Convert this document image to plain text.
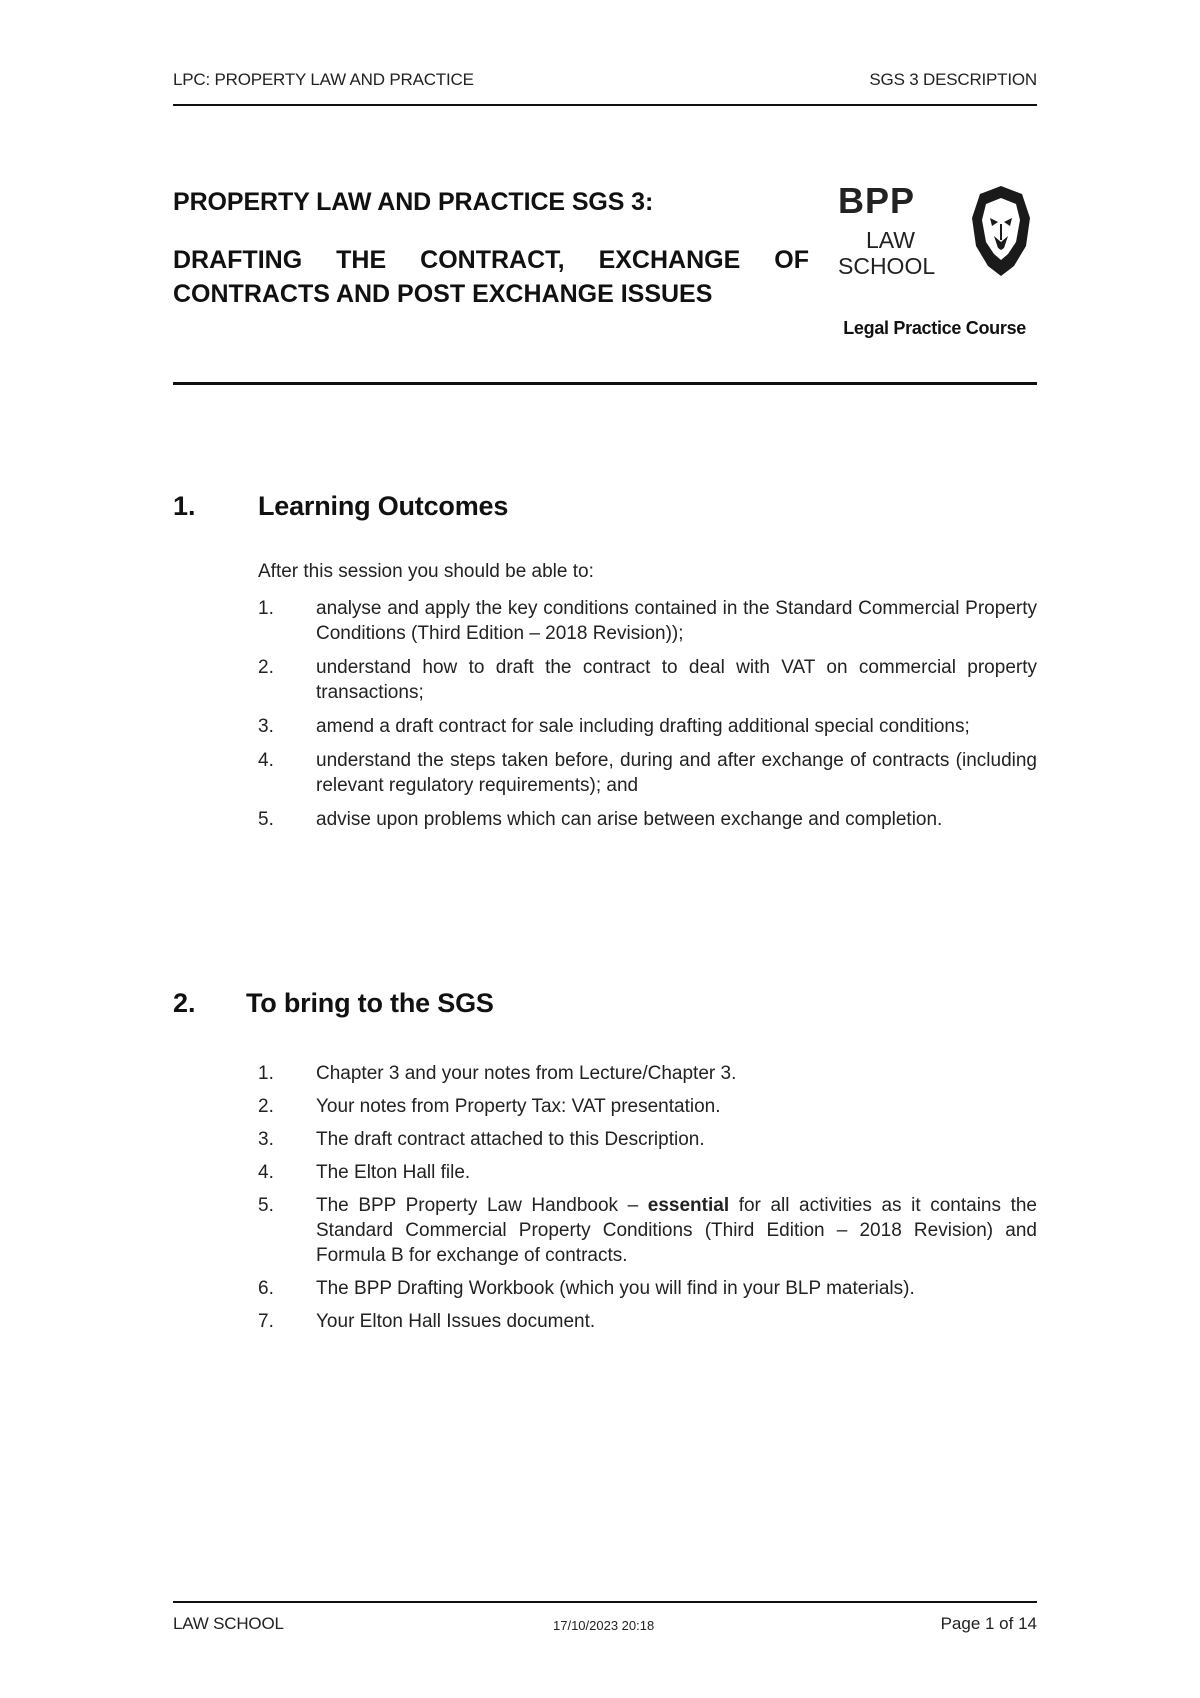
LPC: PROPERTY LAW AND PRACTICE	SGS 3 DESCRIPTION
PROPERTY LAW AND PRACTICE SGS 3:
DRAFTING THE CONTRACT, EXCHANGE OF CONTRACTS AND POST EXCHANGE ISSUES
BPP
LAW
SCHOOL
Legal Practice Course
1. Learning Outcomes
After this session you should be able to:
1.	analyse and apply the key conditions contained in the Standard Commercial Property Conditions (Third Edition – 2018 Revision));
2.	understand how to draft the contract to deal with VAT on commercial property transactions;
3.	amend a draft contract for sale including drafting additional special conditions;
4.	understand the steps taken before, during and after exchange of contracts (including relevant regulatory requirements); and
5.	advise upon problems which can arise between exchange and completion.
2. To bring to the SGS
1.	Chapter 3 and your notes from Lecture/Chapter 3.
2.	Your notes from Property Tax: VAT presentation.
3.	The draft contract attached to this Description.
4.	The Elton Hall file.
5.	The BPP Property Law Handbook – essential for all activities as it contains the Standard Commercial Property Conditions (Third Edition – 2018 Revision) and Formula B for exchange of contracts.
6.	The BPP Drafting Workbook (which you will find in your BLP materials).
7.	Your Elton Hall Issues document.
LAW SCHOOL	17/10/2023 20:18	Page 1 of 14
